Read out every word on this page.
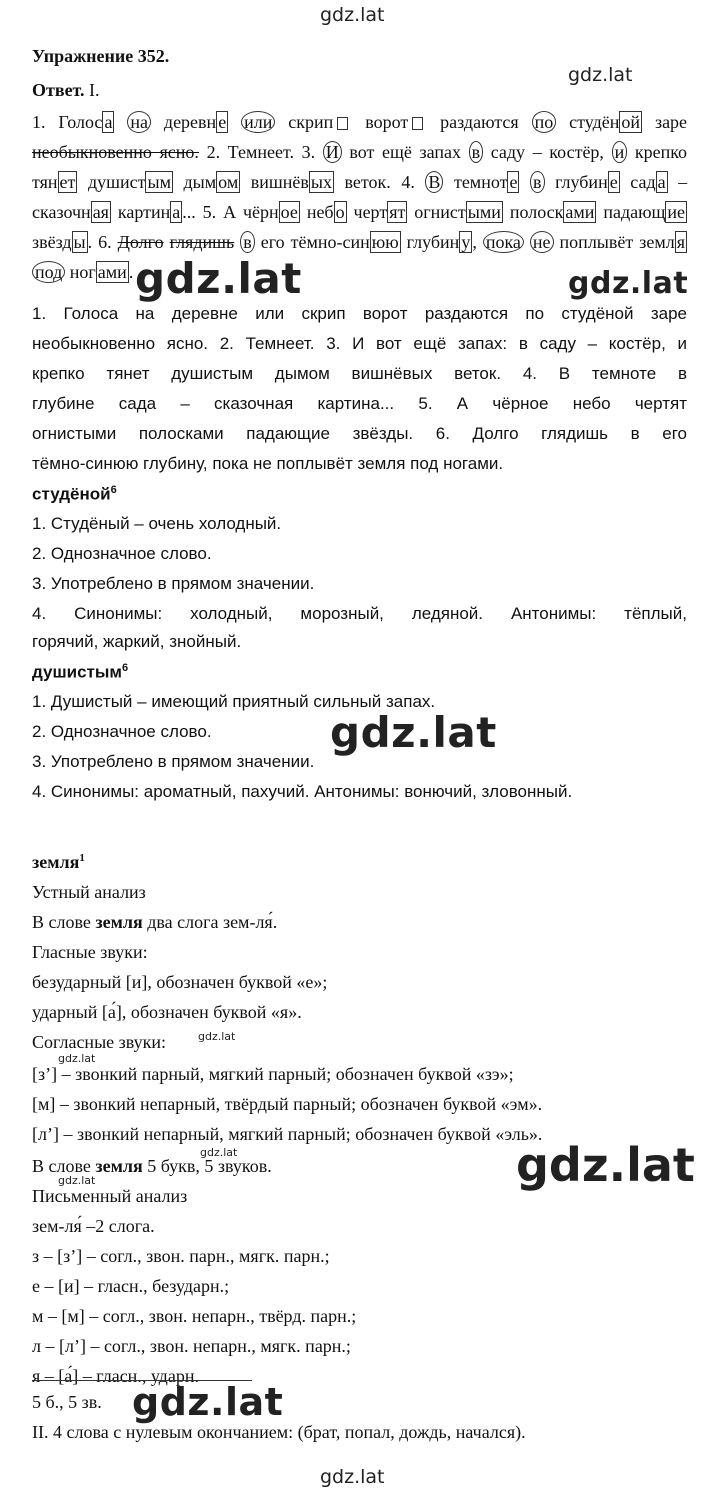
gdz.lat
gdz.lat
Упражнение 352.
Ответ. I.
1. Голос а на деревн е или скрип ворот раздаются по студён ой заре
необыкновенно ясно. 2. Темнеет. 3. И вот ещё запах в саду – костёр, и крепко
тян ет душист ым дым ом вишнёв ых веток. 4. В темнот е в глубин е сад а –
сказочн ая картин а ... 5. А чёрн ое неб о черт ят огнист ыми полоск ами падающ ие
звёзд ы . 6. Долго глядишь в его тёмно-син юю глубин у , пока не поплывёт земл я
под ног ами . gdz.lat	gdz.lat
1. Голоса на деревне или скрип ворот раздаются по студёной заре
необыкновенно ясно. 2. Темнеет. 3. И вот ещё запах: в саду – костёр, и
крепко тянет душистым дымом вишнёвых веток. 4. В темноте в
глубине сада – сказочная картина... 5. А чёрное небо чертят
огнистыми полосками падающие звёзды. 6. Долго глядишь в его
тёмно-синюю глубину, пока не поплывёт земля под ногами.
студёной$^6$
1. Студёный – очень холодный.
2. Однозначное слово.
3. Употреблено в прямом значении.
4. Синонимы: холодный, морозный, ледяной. Антонимы: тёплый,
горячий, жаркий, знойный.
душистым$^6$
1. Душистый – имеющий приятный сильный запах.
2. Однозначное слово.
3. Употреблено в прямом значении.
4. Синонимы: ароматный, пахучий. Антонимы: вонючий, зловонный.
gdz.lat
земля$^1$
Устный анализ
В слове земля два слога зем-ля́.
Гласные звуки:
безударный [и], обозначен буквой «е»;
ударный [а́], обозначен буквой «я».
Согласные звуки:	gdz.lat
gdz.lat
[з’] – звонкий парный, мягкий парный; обозначен буквой «зэ»;
[м] – звонкий непарный, твёрдый парный; обозначен буквой «эм».
[л’] – звонкий непарный, мягкий парный; обозначен буквой «эль».
gdz.lat
В слове земля 5 букв, 5 звуков.	gdz.lat
gdz.lat
Письменный анализ
зем-ля́ –2 слога.
з – [з’] – согл., звон. парн., мягк. парн.;
е – [и] – гласн., безударн.;
м – [м] – согл., звон. непарн., твёрд. парн.;
л – [л’] – согл., звон. непарн., мягк. парн.;
я – [а́] – гласн., ударн.
5 б., 5 зв. gdz.lat
II. 4 слова с нулевым окончанием: (брат, попал, дождь, начался).
gdz.lat
